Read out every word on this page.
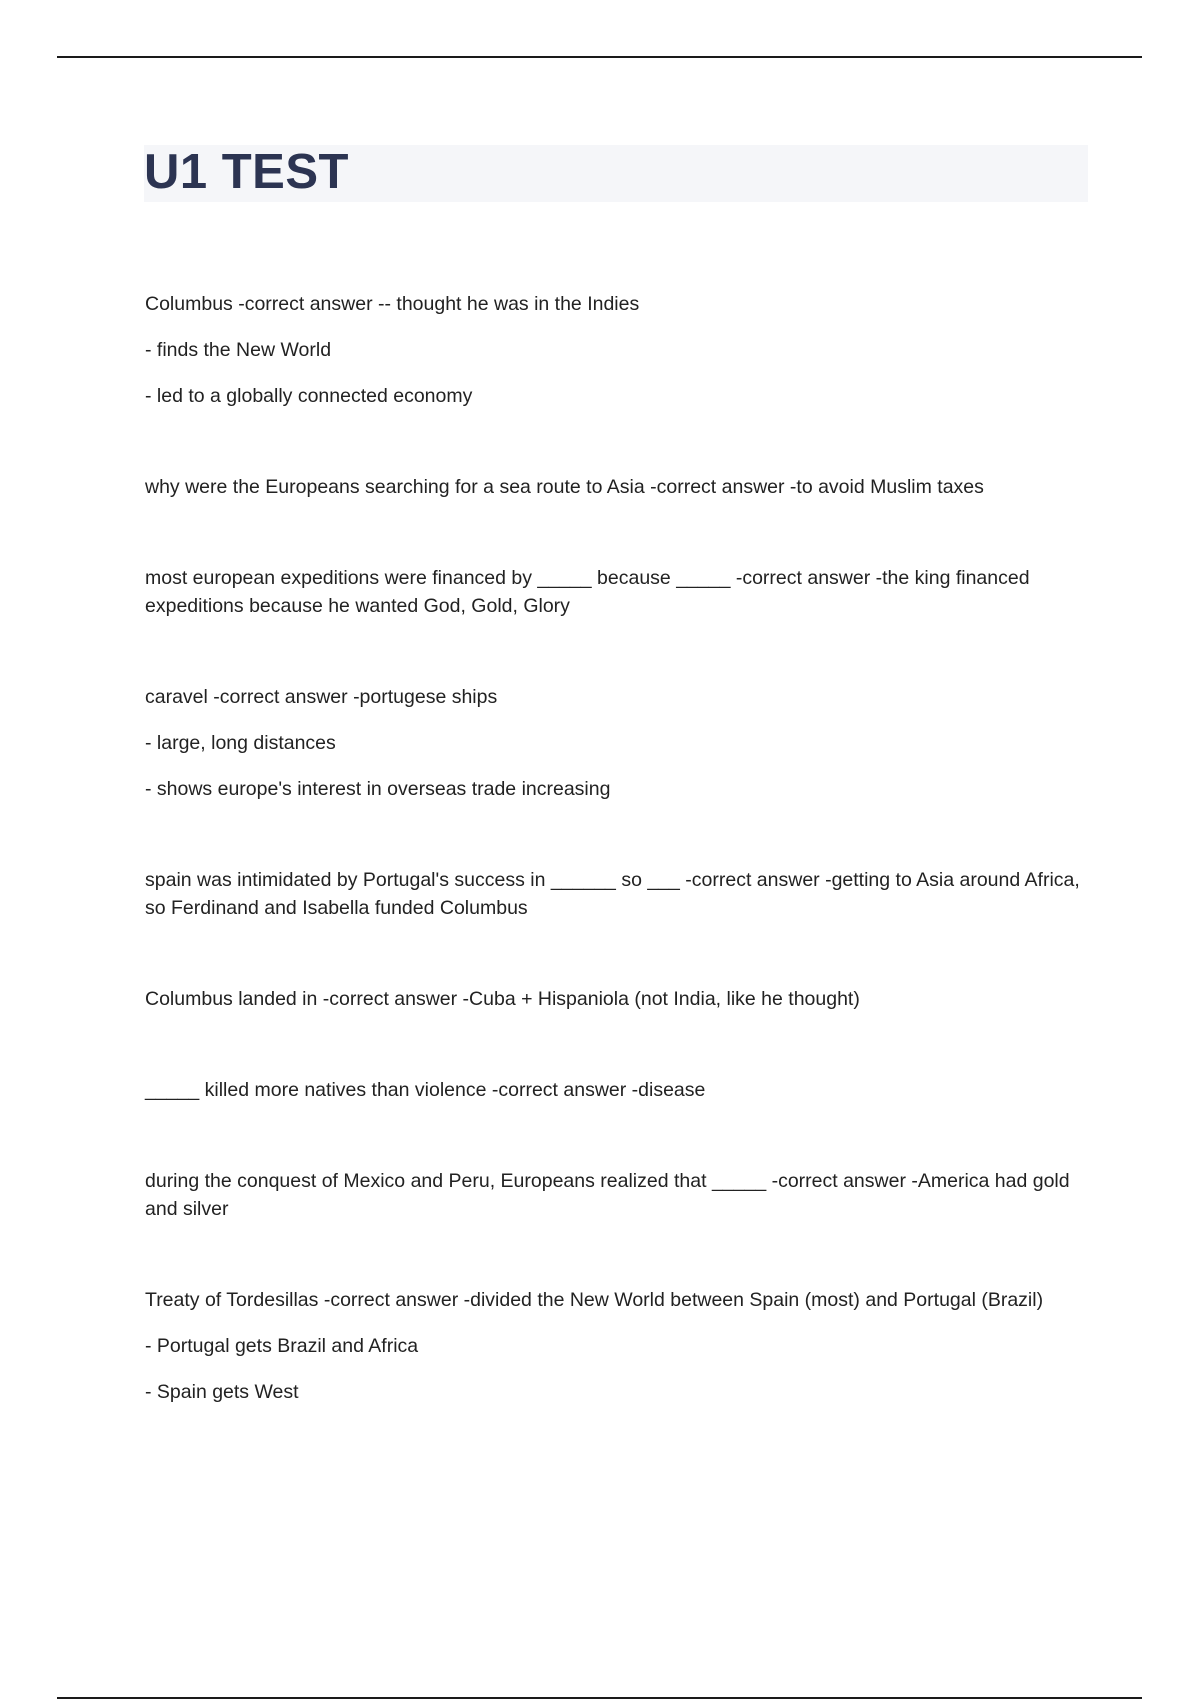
U1 TEST

Columbus -correct answer -- thought he was in the Indies

- finds the New World

- led to a globally connected economy

why were the Europeans searching for a sea route to Asia -correct answer -to avoid Muslim taxes

most european expeditions were financed by _____ because _____ -correct answer -the king financed expeditions because he wanted God, Gold, Glory

caravel -correct answer -portugese ships

- large, long distances

- shows europe's interest in overseas trade increasing

spain was intimidated by Portugal's success in ______ so ___ -correct answer -getting to Asia around Africa, so Ferdinand and Isabella funded Columbus

Columbus landed in -correct answer -Cuba + Hispaniola (not India, like he thought)

_____ killed more natives than violence -correct answer -disease

during the conquest of Mexico and Peru, Europeans realized that _____ -correct answer -America had gold and silver

Treaty of Tordesillas -correct answer -divided the New World between Spain (most) and Portugal (Brazil)

- Portugal gets Brazil and Africa

- Spain gets West
